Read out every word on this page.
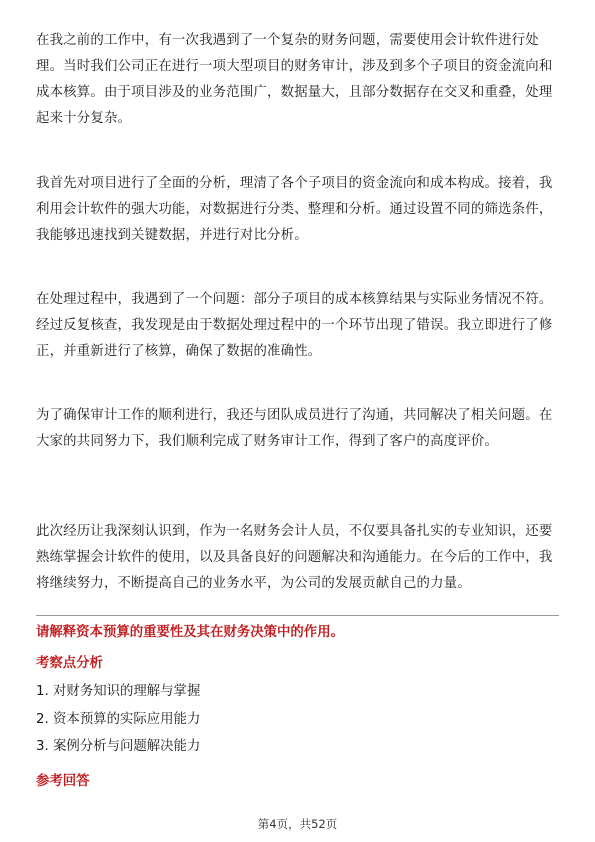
在我之前的工作中，有一次我遇到了一个复杂的财务问题，需要使用会计软件进行处理。当时我们公司正在进行一项大型项目的财务审计，涉及到多个子项目的资金流向和成本核算。由于项目涉及的业务范围广，数据量大，且部分数据存在交叉和重叠，处理起来十分复杂。

我首先对项目进行了全面的分析，理清了各个子项目的资金流向和成本构成。接着，我利用会计软件的强大功能，对数据进行分类、整理和分析。通过设置不同的筛选条件，我能够迅速找到关键数据，并进行对比分析。

在处理过程中，我遇到了一个问题：部分子项目的成本核算结果与实际业务情况不符。经过反复核查，我发现是由于数据处理过程中的一个环节出现了错误。我立即进行了修正，并重新进行了核算，确保了数据的准确性。

为了确保审计工作的顺利进行，我还与团队成员进行了沟通，共同解决了相关问题。在大家的共同努力下，我们顺利完成了财务审计工作，得到了客户的高度评价。

此次经历让我深刻认识到，作为一名财务会计人员，不仅要具备扎实的专业知识，还要熟练掌握会计软件的使用，以及具备良好的问题解决和沟通能力。在今后的工作中，我将继续努力，不断提高自己的业务水平，为公司的发展贡献自己的力量。

请解释资本预算的重要性及其在财务决策中的作用。

考察点分析

1. 对财务知识的理解与掌握
2. 资本预算的实际应用能力
3. 案例分析与问题解决能力

参考回答

第4页，共52页
